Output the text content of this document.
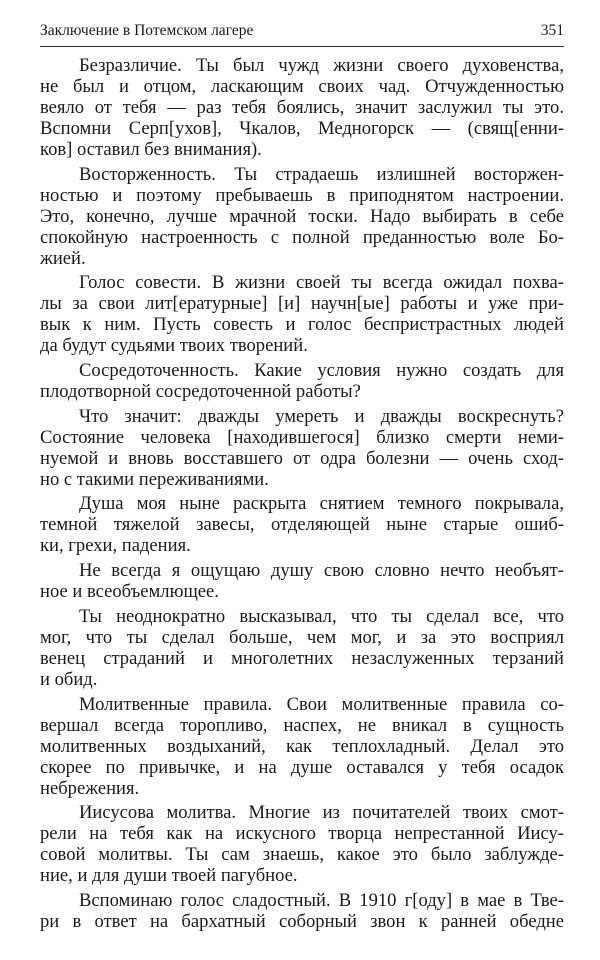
Заключение в Потемском лагере	351
Безразличие. Ты был чужд жизни своего духовенства,
не был и отцом, ласкающим своих чад. Отчужденностью
веяло от тебя — раз тебя боялись, значит заслужил ты это.
Вспомни Серп[ухов], Чкалов, Медногорск — (свящ[енни-
ков] оставил без внимания).
Восторженность. Ты страдаешь излишней восторжен-
ностью и поэтому пребываешь в приподнятом настроении.
Это, конечно, лучше мрачной тоски. Надо выбирать в себе
спокойную настроенность с полной преданностью воле Бо-
жией.
Голос совести. В жизни своей ты всегда ожидал похва-
лы за свои лит[ературные] [и] научн[ые] работы и уже при-
вык к ним. Пусть совесть и голос беспристрастных людей
да будут судьями твоих творений.
Сосредоточенность. Какие условия нужно создать для
плодотворной сосредоточенной работы?
Что значит: дважды умереть и дважды воскреснуть?
Состояние человека [находившегося] близко смерти неми-
нуемой и вновь восставшего от одра болезни — очень сход-
но с такими переживаниями.
Душа моя ныне раскрыта снятием темного покрывала,
темной тяжелой завесы, отделяющей ныне старые ошиб-
ки, грехи, падения.
Не всегда я ощущаю душу свою словно нечто необъят-
ное и всеобъемлющее.
Ты неоднократно высказывал, что ты сделал все, что
мог, что ты сделал больше, чем мог, и за это восприял
венец страданий и многолетних незаслуженных терзаний
и обид.
Молитвенные правила. Свои молитвенные правила со-
вершал всегда торопливо, наспех, не вникал в сущность
молитвенных воздыханий, как теплохладный. Делал это
скорее по привычке, и на душе оставался у тебя осадок
небрежения.
Иисусова молитва. Многие из почитателей твоих смот-
рели на тебя как на искусного творца непрестанной Иису-
совой молитвы. Ты сам знаешь, какое это было заблужде-
ние, и для души твоей пагубное.
Вспоминаю голос сладостный. В 1910 г[оду] в мае в Тве-
ри в ответ на бархатный соборный звон к ранней обедне
